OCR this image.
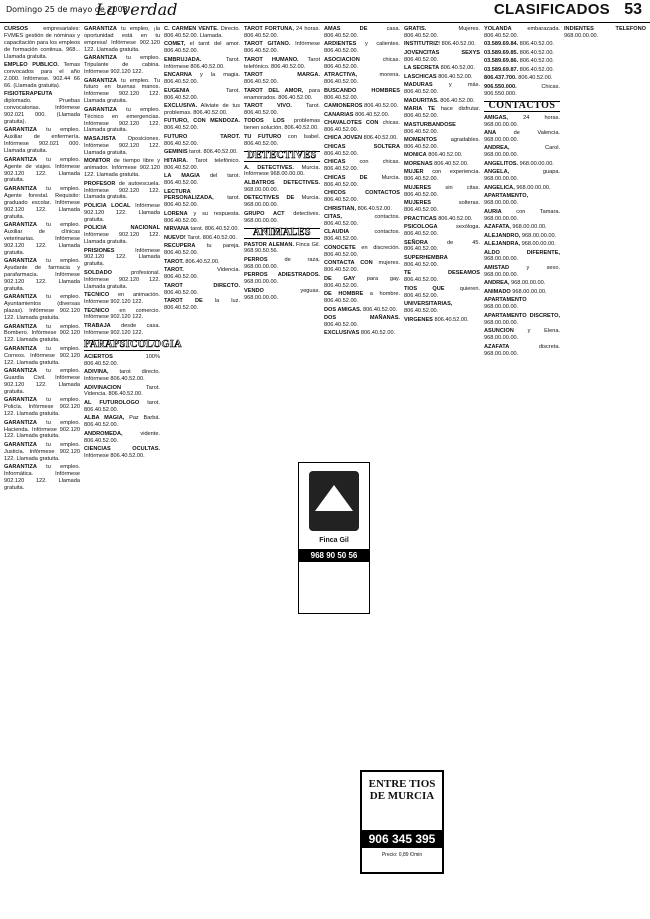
Domingo 25 de mayo de 2003
La verdad	CLASIFICADOS 53

CURSOS empresariales: FVMES gestión de nóminas y capacitación para los empleos de formación continua. 968... Llamada gratuita.

EMPLEO PUBLICO. Temas convocados para el año 2.000. Infórmese. 902.44 66 66. (Llamada gratuita).

FISIOTERAPEUTA diplomado. Pruebas convocatorias. Infórmese 902.021 000. (Llamada gratuita).

GARANTIZA tu empleo. Auxiliar de enfermería. Infórmese 902.021 000. Llamada gratuita.

GARANTIZA tu empleo. Agente de viajes. Infórmese 902.120 122. Llamada gratuita.

GARANTIZA tu empleo. Agente forestal. Requisito: graduado escolar. Infórmese 902.120 122. Llamada gratuita.

GARANTIZA tu empleo. Auxiliar de clínicas veterinarias. Infórmese 902.120 122. Llamada gratuita.

GARANTIZA tu empleo. Ayudante de farmacia y parafarmacia. Infórmese 902.120 122. Llamada gratuita.

GARANTIZA tu empleo. Ayuntamientos (diversas plazas). Infórmese 902.120 122. Llamada gratuita.

GARANTIZA tu empleo. Bombero. Infórmese 902.120 122. Llamada gratuita.

GARANTIZA tu empleo. Correos. Infórmese 902.120 122. Llamada gratuita.

GARANTIZA tu empleo. Guardia Civil. Infórmese 902.120 122. Llamada gratuita.

GARANTIZA tu empleo. Policía. Infórmese 902.120 122. Llamada gratuita.

GARANTIZA tu empleo. Hacienda. Infórmese 902.120 122. Llamada gratuita.

GARANTIZA tu empleo. Justicia. Infórmese 902.120 122. Llamada gratuita.

GARANTIZA tu empleo. Informática. Infórmese 902.120 122. Llamada gratuita.

GARANTIZA tu empleo, ¡la oportunidad está en tu empresa! Infórmese 902.120 122. Llamada gratuita.

GARANTIZA tu empleo. Tripulante de cabina. Infórmese 902.120 122.

GARANTIZA tu empleo. Tu futuro en buenas manos. Infórmese 902.120 122. Llamada gratuita.

GARANTIZA tu empleo. Técnico en emergencias. Infórmese 902.120 122. Llamada gratuita.

MASAJISTA Oposiciones. Infórmese 902.120 122. Llamada gratuita.

MONITOR de tiempo libre y animador. Infórmese 902.120 122. Llamada gratuita.

PROFESOR de autoescuela. Infórmese 902.120 122. Llamada gratuita.

POLICIA LOCAL Infórmese 902.120 122. Llamada gratuita.

POLICIA NACIONAL Infórmese 902.120 122. Llamada gratuita.

PRISIONES Infórmese 902.120 122. Llamada gratuita.

SOLDADO profesional. Infórmese 902.120 122. Llamada gratuita.

TECNICO en animación. Infórmese 902.120 122.

TECNICO en comercio. Infórmese 902.120 122.

TRABAJA desde casa. Infórmese 902.120 122.

PARAPSICOLOGIA

ACIERTOS 100% 806.40.52.00.

ADIVINA, tarot directo. Infórmese 806.40.52.00.

ADIVINACION Tarot. Videncia. 806.40.52.00.

AL FUTUROLOGO tarot. 806.40.52.00.

ALBA MAGIA, Paz Barbá. 806.40.52.00.

ANDROMEDA, vidente. 806.40.52.00.

CIENCIAS OCULTAS. Infórmese 806.40.52.00.

C. CARMEN VENTE. Directo. 806.40.52.00. Llamada.

COMET, el tarot del amor. 806.40.52.00.

EMBRUJADA. Tarot. Infórmese 806.40.52.00.

ENCARNA y la magia. 806.40.52.00.

EUGENIA Tarot. 806.40.52.00.

EXCLUSIVA. Aliviate de tus problemas. 806.40.52.00.

FUTURO, CON MENDOZA. 806.40.52.00.

FUTURO TAROT. 806.40.52.00.

GEMINIS tarot. 806.40.52.00.

HITAIRA. Tarot telefónico. 806.40.52.00.

LA MAGIA del tarot. 806.40.52.00.

LECTURA PERSONALIZADA, tarot. 806.40.52.00.

LORENA y su respuesta. 806.40.52.00.

NIRVANA tarot. 806.40.52.00.

NUEVO! Tarot. 806.40.52.00.

RECUPERA tu pareja. 806.40.52.00.

TAROT. 806.40.52.00.

TAROT. Videncia. 806.40.52.00.

TAROT DIRECTO. 806.40.52.00.

TAROT DE la luz. 806.40.52.00.

TAROT FORTUNA, 24 horas. 806.40.52.00.

TAROT GITANO. Infórmese 806.40.52.00.

TAROT HUMANO. Tarot telefónico. 806.40.52.00.

TAROT MARGA. 806.40.52.00.

TAROT DEL AMOR, para enamorados. 806.40.52.00.

TAROT VIVO. Tarot. 806.40.52.00.

TODOS LOS problemas tienen solución. 806.40.52.00.

TU FUTURO con Isabel. 806.40.52.00.

DETECTIVES

A. DETECTIVES. Murcia. Infórmese 968.00.00.00.

ALBATROS DETECTIVES. 968.00.00.00.

DETECTIVES DE Murcia. 968.00.00.00.

GRUPO ACT detectives. 968.00.00.00.

ANIMALES

PASTOR ALEMAN. Finca Gil. 968.90.50.56.

PERROS de raza. 968.00.00.00.

PERROS ADIESTRADOS. 968.00.00.00.

VENDO yeguas. 968.00.00.00.

AMAS DE casa. 806.40.52.00.

ARDIENTES y calientes. 806.40.52.00.

ASOCIACION chicas. 806.40.52.00.

ATRACTIVA, morena. 806.40.52.00.

BUSCANDO HOMBRES 806.40.52.00.

CAMIONEROS 806.40.52.00.

CANARIAS 806.40.52.00.

CHAVALOTES CON chicas. 806.40.52.00.

CHICA JOVEN 806.40.52.00.

CHICAS SOLTERA 806.40.52.00.

CHICAS con chicas. 806.40.52.00.

CHICAS DE Murcia. 806.40.52.00.

CHICOS CONTACTOS 806.40.52.00.

CHRISTIAN, 806.40.52.00.

CITAS, contactos. 806.40.52.00.

CLAUDIA contactos. 806.40.52.00.

CONOCETE en discreción. 806.40.52.00.

CONTACTA CON mujeres. 806.40.52.00.

DE GAY para gay. 806.40.52.00.

DE HOMBRE a hombre. 806.40.52.00.

DOS AMIGAS. 806.40.52.00.

DOS MAÑANAS. 806.40.52.00.

EXCLUSIVAS 806.40.52.00.

GRATIS. Mujeres. 806.40.52.00.

INSTITUTRIZ! 806.40.52.00.

JOVENCITAS SEXYS 806.40.52.00.

LA SECRETA 806.40.52.00.

LASCHICAS 806.40.52.00.

MADURAS y más. 806.40.52.00.

MADURITAS. 806.40.52.00.

MARIA TE hace disfrutar. 806.40.52.00.

MASTURBANDOSE 806.40.52.00.

MOMENTOS agradables. 806.40.52.00.

MONICA 806.40.52.00.

MORENAS 806.40.52.00.

MUJER con experiencia. 806.40.52.00.

MUJERES sin citas. 806.40.52.00.

MUJERES solteras. 806.40.52.00.

PRACTICAS 806.40.52.00.

PSICOLOGA sexóloga. 806.40.52.00.

SEÑORA de 45. 806.40.52.00.

SUPERHEMBRA 806.40.52.00.

TE DESEAMOS 806.40.52.00.

TIOS QUE quieren. 806.40.52.00.

UNIVERSITARIAS, 806.40.52.00.

VIRGENES 806.40.52.00.

YOLANDA embarazada. 806.40.52.00.

03.589.69.84. 806.40.52.00.

03.589.69.85. 806.40.52.00.

03.589.69.86. 806.40.52.00.

03.589.69.87. 806.40.52.00.

806.437.700. 806.40.52.00.

906.550.000. Chicas. 906.550.000.

CONTACTOS

AMIGAS, 24 horas. 968.00.00.00.

ANA de Valencia. 968.00.00.00.

ANDREA, Carol. 968.00.00.00.

ANGELITOS. 968.00.00.00.

ANGELA, guapa. 968.00.00.00.

ANGELICA, 968.00.00.00.

APARTAMENTO, 968.00.00.00.

AURIA con Tamara. 968.00.00.00.

AZAFATA, 968.00.00.00.

ALEJANDRO, 968.00.00.00.

ALEJANDRA, 968.00.00.00.

ALDO DIFERENTE, 968.00.00.00.

AMISTAD y sexo. 968.00.00.00.

ANDREA, 968.00.00.00.

ANIMADO 968.00.00.00.

APARTAMENTO 968.00.00.00.

APARTAMENTO DISCRETO, 968.00.00.00.

ASUNCION y Elena. 968.00.00.00.

AZAFATA discreta. 968.00.00.00.

INDIENTES TELEFONO 968.00.00.00.

Finca Gil
968 90 50 56
ENTRE TIOS DE MURCIA
906 345 395
Precio: 0,89 €/min
